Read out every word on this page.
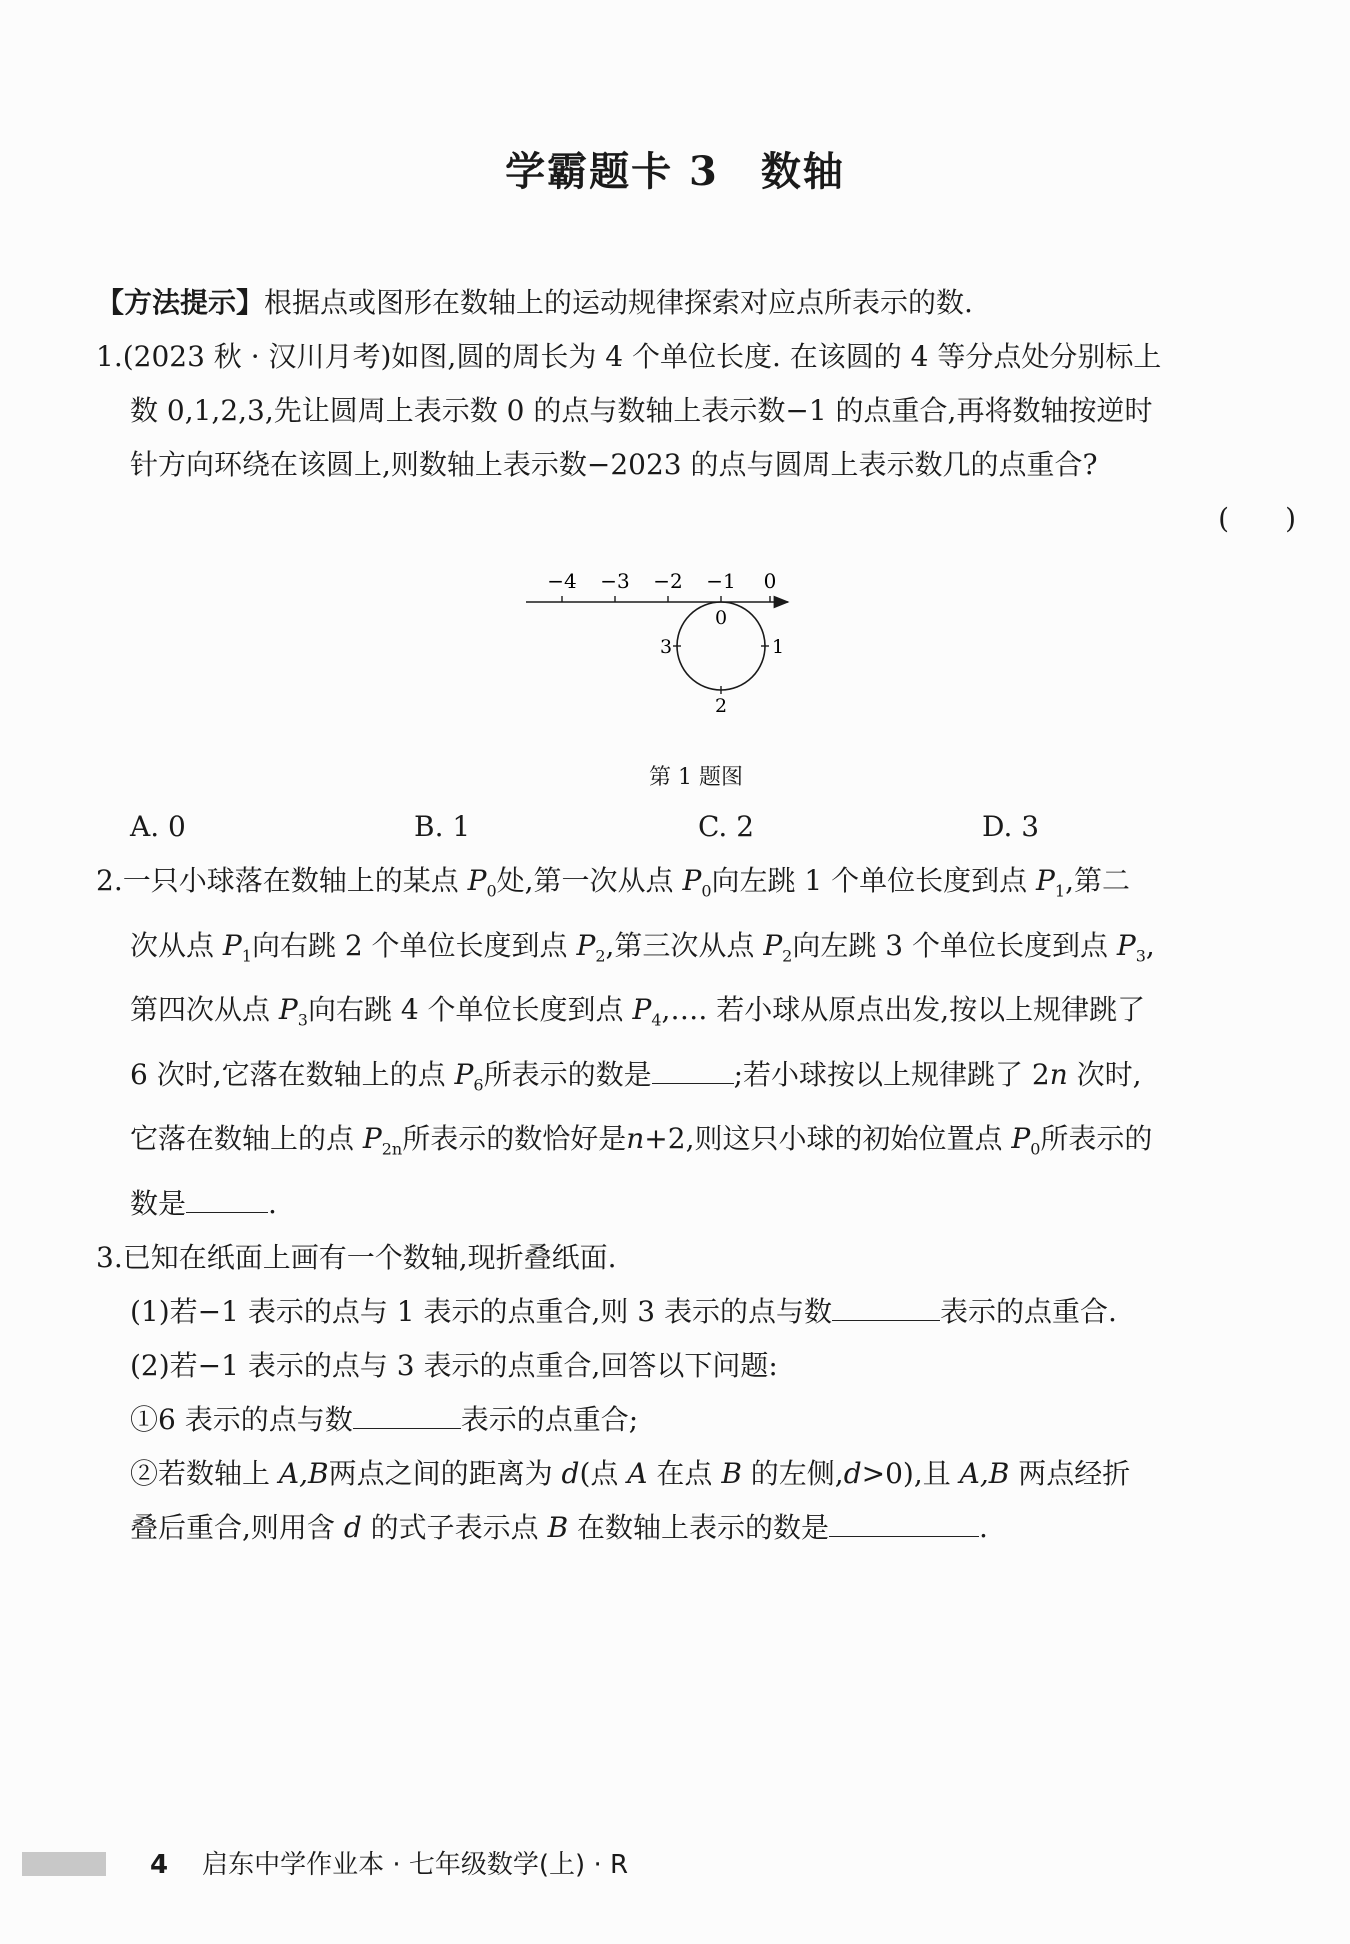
学霸题卡 3　数轴
【方法提示】根据点或图形在数轴上的运动规律探索对应点所表示的数.
1.(2023 秋 · 汉川月考)如图,圆的周长为 4 个单位长度. 在该圆的 4 等分点处分别标上
数 0,1,2,3,先让圆周上表示数 0 的点与数轴上表示数−1 的点重合,再将数轴按逆时
针方向环绕在该圆上,则数轴上表示数−2023 的点与圆周上表示数几的点重合?
(　　)
−4 −3 −2 −1 0
0
1
2
3
第 1 题图
A. 0	B. 1	C. 2	D. 3
2.一只小球落在数轴上的某点 $P_0$处,第一次从点 $P_0$向左跳 1 个单位长度到点 $P_1$,第二
次从点 $P_1$向右跳 2 个单位长度到点 $P_2$,第三次从点 $P_2$向左跳 3 个单位长度到点 $P_3$,
第四次从点 $P_3$向右跳 4 个单位长度到点 $P_4,\dots$. 若小球从原点出发,按以上规律跳了
6 次时,它落在数轴上的点 $P_6$所表示的数是	;若小球按以上规律跳了 2n 次时,
它落在数轴上的点 $P_{2n}$所表示的数恰好是n+2,则这只小球的初始位置点 $P_0$所表示的
数是	.
3.已知在纸面上画有一个数轴,现折叠纸面.
(1)若−1 表示的点与 1 表示的点重合,则 3 表示的点与数	表示的点重合.
(2)若−1 表示的点与 3 表示的点重合,回答以下问题:
①6 表示的点与数	表示的点重合;
②若数轴上 A,B两点之间的距离为 d(点 A 在点 B 的左侧,d>0),且 A,B 两点经折
叠后重合,则用含 d 的式子表示点 B 在数轴上表示的数是	.
4 启东中学作业本 · 七年级数学(上) · R
